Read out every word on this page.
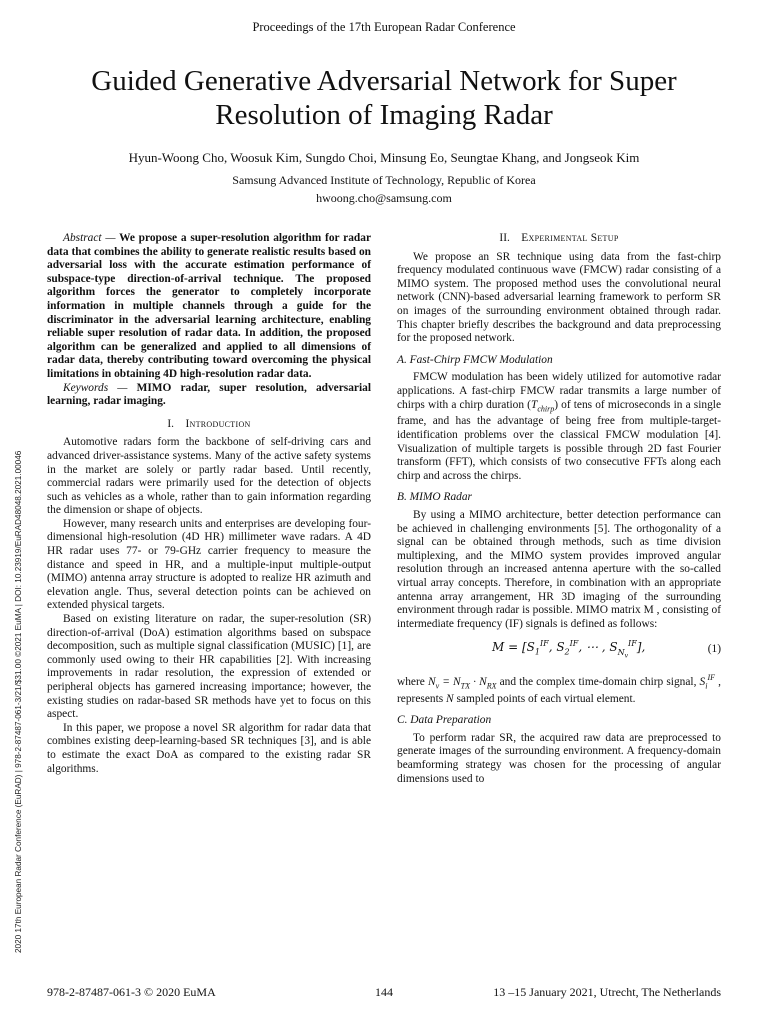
Proceedings of the 17th European Radar Conference
Guided Generative Adversarial Network for Super
Resolution of Imaging Radar
Hyun-Woong Cho, Woosuk Kim, Sungdo Choi, Minsung Eo, Seungtae Khang, and Jongseok Kim
Samsung Advanced Institute of Technology, Republic of Korea
hwoong.cho@samsung.com
2020 17th European Radar Conference (EuRAD) | 978-2-87487-061-3/21/$31.00 ©2021 EuMA | DOI: 10.23919/EuRAD48048.2021.00046

Abstract — We propose a super-resolution algorithm for radar data that combines the ability to generate realistic results based on adversarial loss with the accurate estimation performance of subspace-type direction-of-arrival technique. The proposed algorithm forces the generator to completely incorporate information in multiple channels through a guide for the discriminator in the adversarial learning architecture, enabling reliable super resolution of radar data. In addition, the proposed algorithm can be generalized and applied to all dimensions of radar data, thereby contributing toward overcoming the physical limitations in obtaining 4D high-resolution radar data.

Keywords — MIMO radar, super resolution, adversarial learning, radar imaging.

I. Introduction

Automotive radars form the backbone of self-driving cars and advanced driver-assistance systems. Many of the active safety systems in the market are solely or partly radar based. Until recently, commercial radars were primarily used for the detection of objects such as vehicles as a whole, rather than to gain information regarding the dimension or shape of objects.

However, many research units and enterprises are developing four-dimensional high-resolution (4D HR) millimeter wave radars. A 4D HR radar uses 77- or 79-GHz carrier frequency to measure the distance and speed in HR, and a multiple-input multiple-output (MIMO) antenna array structure is adopted to realize HR azimuth and elevation angle. Thus, several detection points can be achieved on extended physical targets.

Based on existing literature on radar, the super-resolution (SR) direction-of-arrival (DoA) estimation algorithms based on subspace decomposition, such as multiple signal classification (MUSIC) [1], are commonly used owing to their HR capabilities [2]. With increasing improvements in radar resolution, the expression of extended or peripheral objects has garnered increasing importance; however, the existing studies on radar-based SR methods have yet to focus on this aspect.

In this paper, we propose a novel SR algorithm for radar data that combines existing deep-learning-based SR techniques [3], and is able to estimate the exact DoA as compared to the existing radar SR algorithms.

II. Experimental Setup

We propose an SR technique using data from the fast-chirp frequency modulated continuous wave (FMCW) radar consisting of a MIMO system. The proposed method uses the convolutional neural network (CNN)-based adversarial learning framework to perform SR on images of the surrounding environment obtained through radar. This chapter briefly describes the background and data preprocessing for the proposed network.

A. Fast-Chirp FMCW Modulation

FMCW modulation has been widely utilized for automotive radar applications. A fast-chirp FMCW radar transmits a large number of chirps with a chirp duration $(T_{chirp})$ of tens of microseconds in a single frame, and has the advantage of being free from multiple-target-identification problems over the classical FMCW modulation [4]. Visualization of multiple targets is possible through 2D fast Fourier transform (FFT), which consists of two consecutive FFTs along each chirp and across the chirps.

B. MIMO Radar

By using a MIMO architecture, better detection performance can be achieved in challenging environments [5]. The orthogonality of a signal can be obtained through methods, such as time division multiplexing, and the MIMO system provides improved angular resolution through an increased antenna aperture with the so-called virtual array concepts. Therefore, in combination with an appropriate antenna array arrangement, HR 3D imaging of the surrounding environment through radar is possible. MIMO matrix M , consisting of intermediate frequency (IF) signals is defined as follows:

$M = [S_1^{IF}$, $S_2^{IF}$, ⋯ , $S_{N_v}^{IF}$],	(1)

where $N_v = N_{TX} \cdot N_{RX}$ and the complex time-domain chirp signal, $S_i^{IF}$ , represents N sampled points of each virtual element.

C. Data Preparation

To perform radar SR, the acquired raw data are preprocessed to generate images of the surrounding environment. A frequency-domain beamforming strategy was chosen for the processing of angular dimensions used to

978-2-87487-061-3 © 2020 EuMA	144	13 –15 January 2021, Utrecht, The Netherlands
